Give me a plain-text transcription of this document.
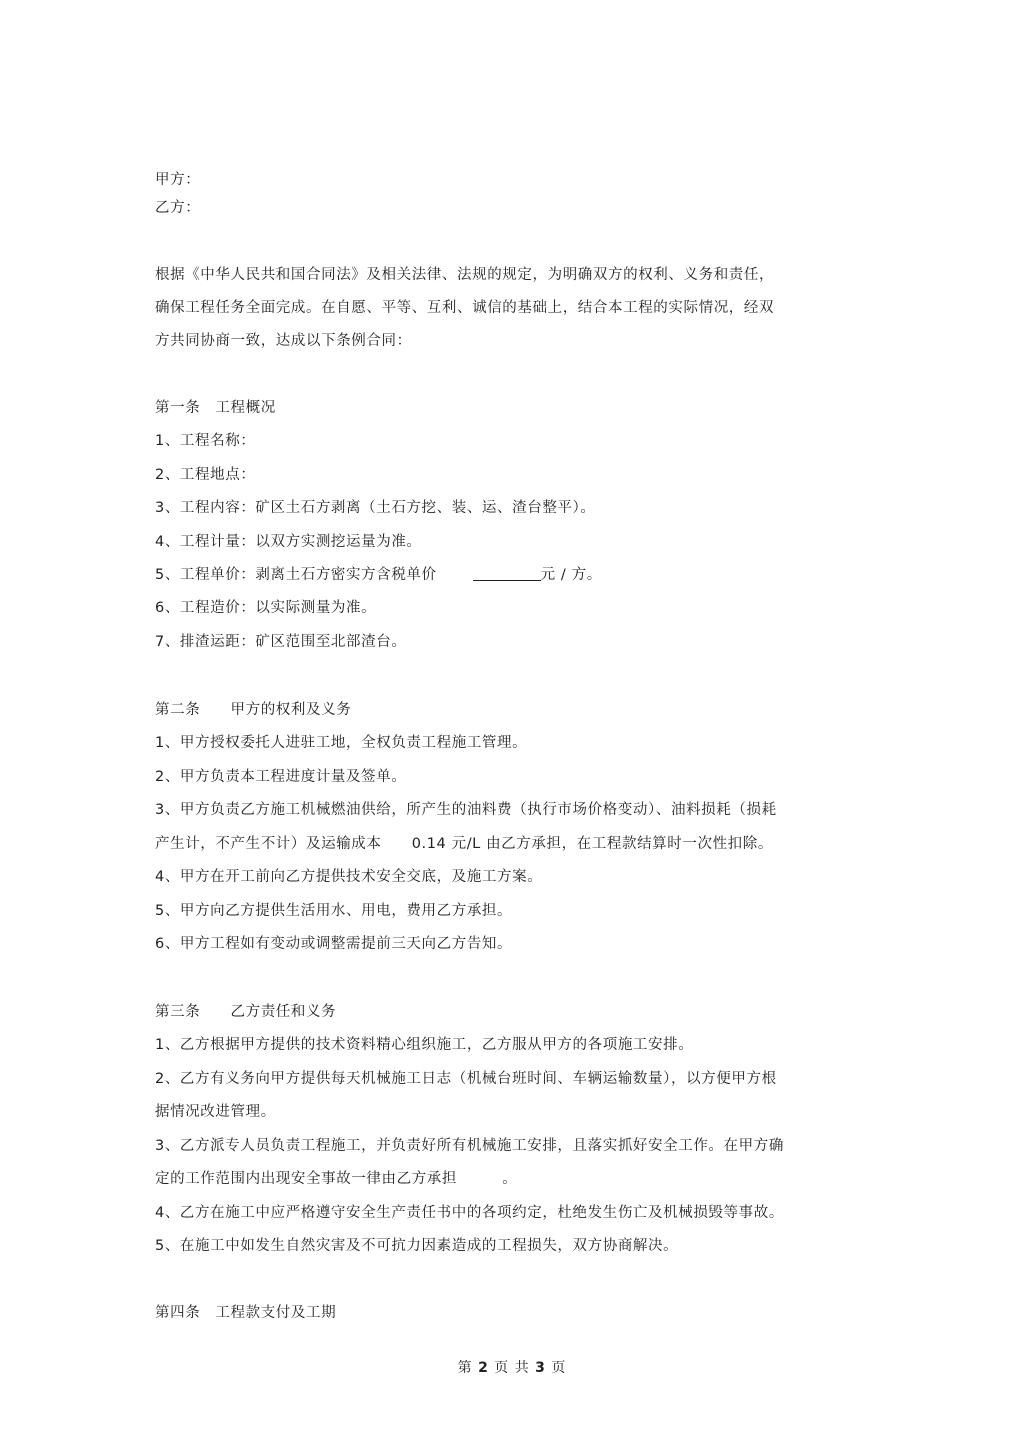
甲方：
乙方：
根据《中华人民共和国合同法》及相关法律、法规的规定，为明确双方的权利、义务和责任，
确保工程任务全面完成。在自愿、平等、互利、诚信的基础上，结合本工程的实际情况，经双
方共同协商一致，达成以下条例合同：
第一条　工程概况
1、工程名称：
2、工程地点：
3、工程内容：矿区土石方剥离（土石方挖、装、运、渣台整平）。
4、工程计量：以双方实测挖运量为准。
5、工程单价：剥离土石方密实方含税单价	元 / 方。
6、工程造价：以实际测量为准。
7、排渣运距：矿区范围至北部渣台。
第二条　　甲方的权利及义务
1、甲方授权委托人进驻工地，全权负责工程施工管理。
2、甲方负责本工程进度计量及签单。
3、甲方负责乙方施工机械燃油供给，所产生的油料费（执行市场价格变动）、油料损耗（损耗
产生计，不产生不计）及运输成本　　0.14 元/L 由乙方承担，在工程款结算时一次性扣除。
4、甲方在开工前向乙方提供技术安全交底，及施工方案。
5、甲方向乙方提供生活用水、用电，费用乙方承担。
6、甲方工程如有变动或调整需提前三天向乙方告知。
第三条　　乙方责任和义务
1、乙方根据甲方提供的技术资料精心组织施工，乙方服从甲方的各项施工安排。
2、乙方有义务向甲方提供每天机械施工日志（机械台班时间、车辆运输数量），以方便甲方根
据情况改进管理。
3、乙方派专人员负责工程施工，并负责好所有机械施工安排，且落实抓好安全工作。在甲方确
定的工作范围内出现安全事故一律由乙方承担　　　。
4、乙方在施工中应严格遵守安全生产责任书中的各项约定，杜绝发生伤亡及机械损毁等事故。
5、在施工中如发生自然灾害及不可抗力因素造成的工程损失，双方协商解决。
第四条　工程款支付及工期
第 2 页 共 3 页
